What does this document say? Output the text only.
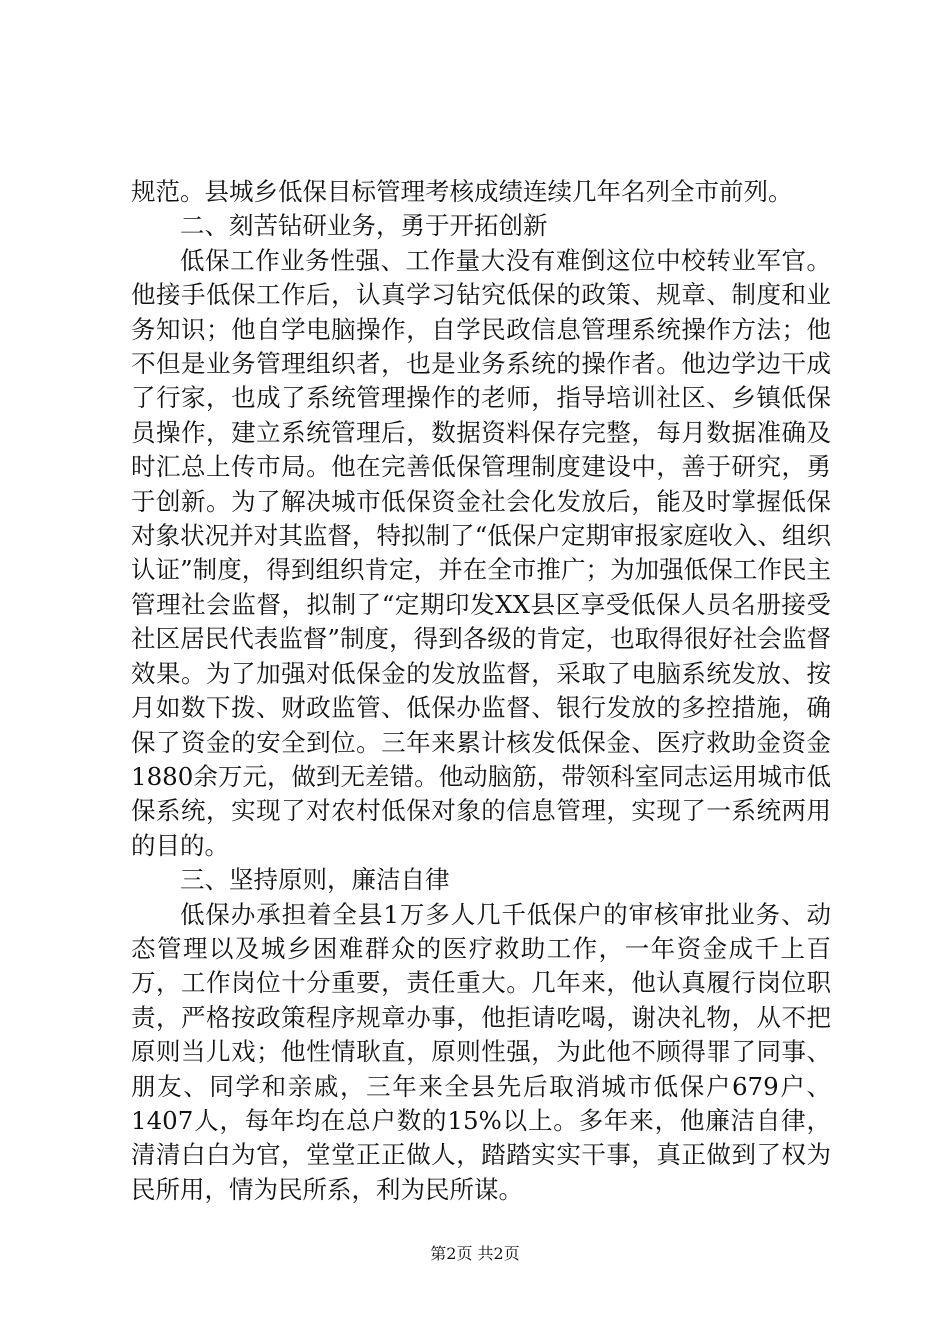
规范。县城乡低保目标管理考核成绩连续几年名列全市前列。

二、刻苦钻研业务，勇于开拓创新

低保工作业务性强、工作量大没有难倒这位中校转业军官。他接手低保工作后，认真学习钻究低保的政策、规章、制度和业务知识；他自学电脑操作，自学民政信息管理系统操作方法；他不但是业务管理组织者，也是业务系统的操作者。他边学边干成了行家，也成了系统管理操作的老师，指导培训社区、乡镇低保员操作，建立系统管理后，数据资料保存完整，每月数据准确及时汇总上传市局。他在完善低保管理制度建设中，善于研究，勇于创新。为了解决城市低保资金社会化发放后，能及时掌握低保对象状况并对其监督，特拟制了“低保户定期审报家庭收入、组织认证”制度，得到组织肯定，并在全市推广；为加强低保工作民主管理社会监督，拟制了“定期印发XX县区享受低保人员名册接受社区居民代表监督”制度，得到各级的肯定，也取得很好社会监督效果。为了加强对低保金的发放监督，采取了电脑系统发放、按月如数下拨、财政监管、低保办监督、银行发放的多控措施，确保了资金的安全到位。三年来累计核发低保金、医疗救助金资金1880余万元，做到无差错。他动脑筋，带领科室同志运用城市低保系统，实现了对农村低保对象的信息管理，实现了一系统两用的目的。

三、坚持原则，廉洁自律

低保办承担着全县1万多人几千低保户的审核审批业务、动态管理以及城乡困难群众的医疗救助工作，一年资金成千上百万，工作岗位十分重要，责任重大。几年来，他认真履行岗位职责，严格按政策程序规章办事，他拒请吃喝，谢决礼物，从不把原则当儿戏；他性情耿直，原则性强，为此他不顾得罪了同事、朋友、同学和亲戚，三年来全县先后取消城市低保户679户、1407人，每年均在总户数的15%以上。多年来，他廉洁自律，清清白白为官，堂堂正正做人，踏踏实实干事，真正做到了权为民所用，情为民所系，利为民所谋。

第2页 共2页
